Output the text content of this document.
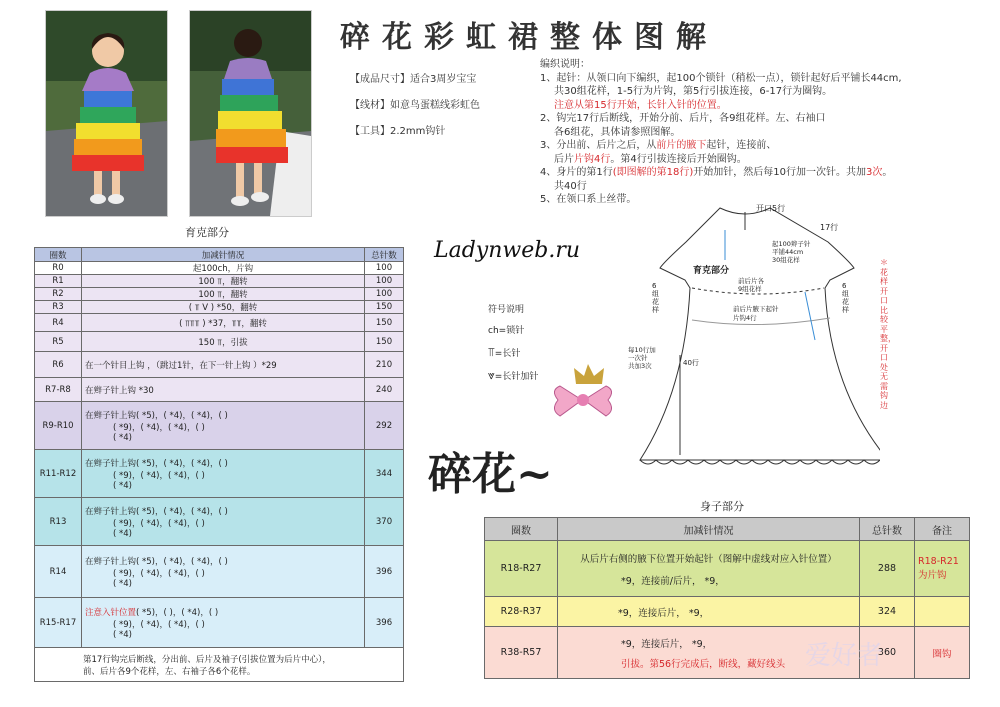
碎花彩虹裙整体图解
【成品尺寸】适合3周岁宝宝
【线材】如意鸟蛋糕线彩虹色
【工具】2.2mm钩针
编织说明：
1、起针：从领口向下编织，起100个锁针（稍松一点），锁针起好后平铺长44cm,
共30组花样，1-5行为片钩，第5行引拔连接，6-17行为圈钩。
注意从第15行开始，长针入针的位置。
2、钩完17行后断线，开始分前、后片，各9组花样。左、右袖口
各6组花，具体请参照图解。
3、分出前、后片之后，从前片的腋下起针，连接前、
后片片钩4行。第4行引拔连接后开始圈钩。
4、身片的第1行(即图解的第18行)开始加针，然后每10行加一次针。共加3次。
共40行
5、在领口系上丝带。
育克部分
圈数	加减针情况	总针数
R0	起100ch，片钩	100
R1	100 ⫪，翻转	100
R2	100 ⫪，翻转	100
R3	( ⫪ V ) *50，翻转	150
R4	( ⫪⫪⫪ ) *37，⫪⫪，翻转	150
R5	150 ⫪，引拔	150
R6	在一个针目上钩 ，（跳过1针，在下一针上钩 ）*29	210
R7-R8	在辫子针上钩 *30	240
R9-R10	在辫子针上钩( *5)，( *4)，( *4)，( )
( *9)，( *4)，( *4)，( )
( *4)	292
R11-R12	在辫子针上钩( *5)，( *4)，( *4)，( )
( *9)，( *4)，( *4)，( )
( *4)	344
R13	在辫子针上钩( *5)，( *4)，( *4)，( )
( *9)，( *4)，( *4)，( )
( *4)	370
R14	在辫子针上钩( *5)，( *4)，( *4)，( )
( *9)，( *4)，( *4)，( )
( *4)	396
R15-R17	注意入针位置( *5)，( )，( *4)，( )
( *9)，( *4)，( *4)，( )
( *4)	396

第17行钩完后断线，分出前、后片及袖子(引拔位置为后片中心），
前、后片各9个花样，左、右袖子各6个花样。		
Ladynweb.ru
符号说明
ch=锁针
⫪=长针
⩔=长针加针
碎花~
开口5行
17行
起100辫子针
平铺44cm
30组花样
育克部分
前后片各
9组花样
6组花样
6组花样
前后片腋下起针
片钩4行
每10行加
一次针
共加3次	40行
＊花样开口比较平整，开口处无需钩边
身子部分
圈数	加减针情况	总针数	备注
R18-R27	从后片右侧的腋下位置开始起针（图解中虚线对应入针位置）
*9，连接前/后片， *9，	288	R18-R21为片钩
R28-R37	*9，连接后片， *9，	324	
R38-R57	*9，连接后片， *9，
引拔。第56行完成后，断线，藏好线头	360	圈钩
爱好者
